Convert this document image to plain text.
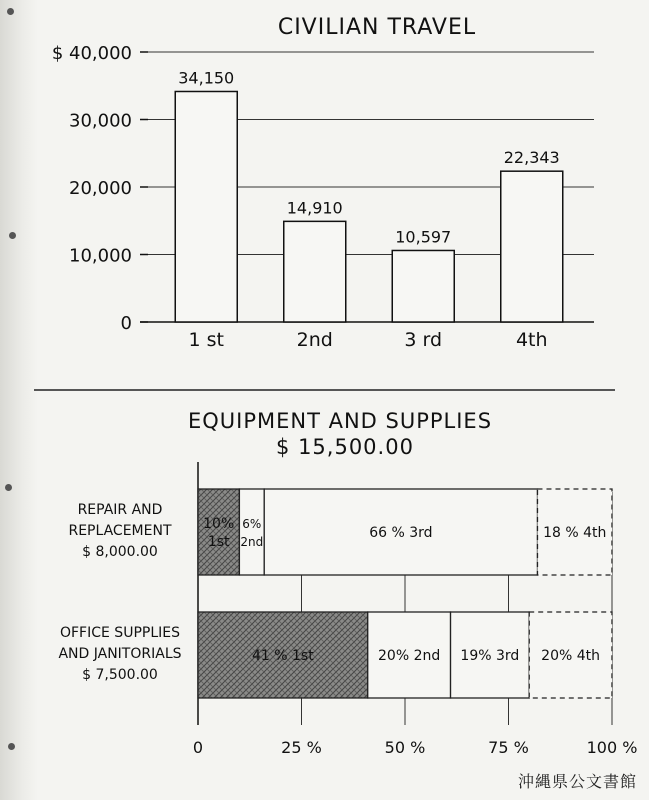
CIVILIAN TRAVEL
0
10,000
20,000
30,000
$ 40,000
34,150
1 st
14,910
2nd
10,597
3 rd
22,343
4th
EQUIPMENT AND SUPPLIES
$ 15,500.00
0	25 %	50 %	75 %	100 %
REPAIR AND
REPLACEMENT
$ 8,000.00
10%
1st
6%
2nd
66 % 3rd	18 % 4th
OFFICE SUPPLIES
AND JANITORIALS
$ 7,500.00
41 % 1st	20% 2nd 19% 3rd 20% 4th
沖縄県公文書館
